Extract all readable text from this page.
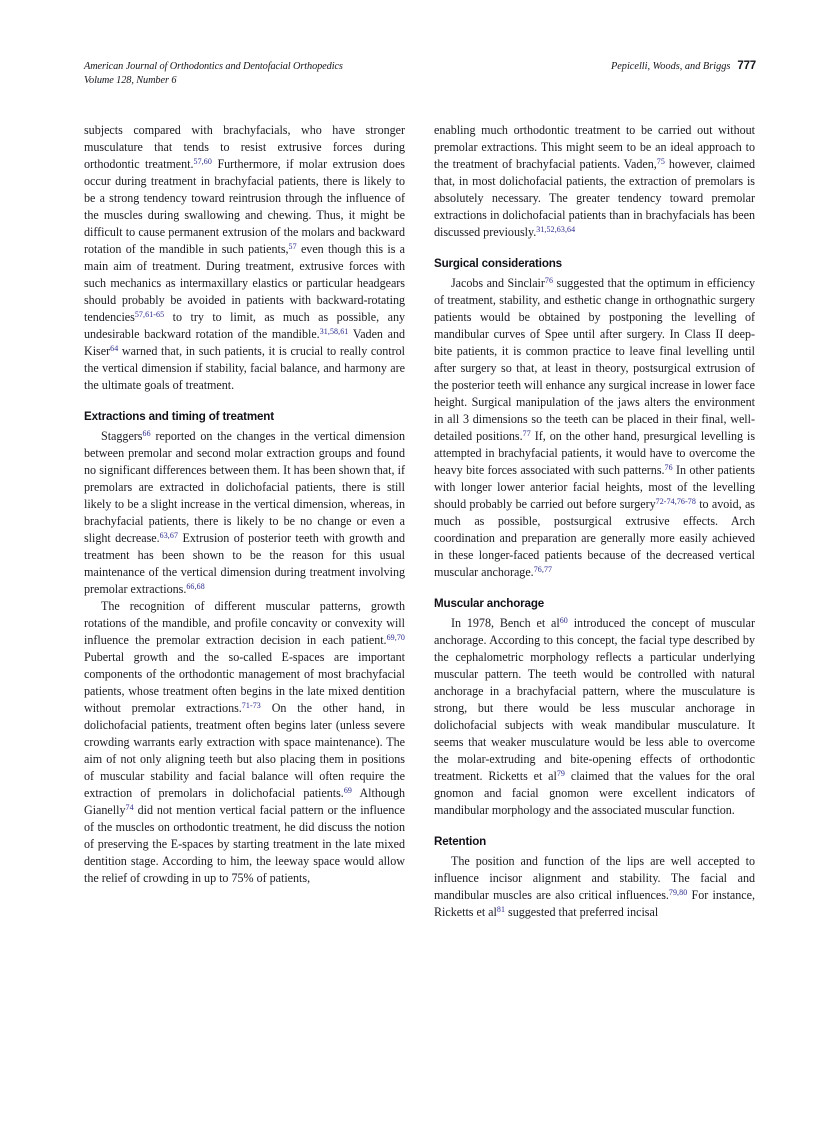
American Journal of Orthodontics and Dentofacial Orthopedics
Volume 128, Number 6
Pepicelli, Woods, and Briggs 777

subjects compared with brachyfacials, who have stronger musculature that tends to resist extrusive forces during orthodontic treatment.$^{57,60}$ Furthermore, if molar extrusion does occur during treatment in brachyfacial patients, there is likely to be a strong tendency toward reintrusion through the influence of the muscles during swallowing and chewing. Thus, it might be difficult to cause permanent extrusion of the molars and backward rotation of the mandible in such patients,$^{57}$ even though this is a main aim of treatment. During treatment, extrusive forces with such mechanics as intermaxillary elastics or particular headgears should probably be avoided in patients with backward-rotating tendencies$^{57,61-65}$ to try to limit, as much as possible, any undesirable backward rotation of the mandible.$^{31,58,61}$ Vaden and Kiser$^{64}$ warned that, in such patients, it is crucial to really control the vertical dimension if stability, facial balance, and harmony are the ultimate goals of treatment.

Extractions and timing of treatment

Staggers$^{66}$ reported on the changes in the vertical dimension between premolar and second molar extraction groups and found no significant differences between them. It has been shown that, if premolars are extracted in dolichofacial patients, there is still likely to be a slight increase in the vertical dimension, whereas, in brachyfacial patients, there is likely to be no change or even a slight decrease.$^{63,67}$ Extrusion of posterior teeth with growth and treatment has been shown to be the reason for this usual maintenance of the vertical dimension during treatment involving premolar extractions.$^{66,68}$

The recognition of different muscular patterns, growth rotations of the mandible, and profile concavity or convexity will influence the premolar extraction decision in each patient.$^{69,70}$ Pubertal growth and the so-called E-spaces are important components of the orthodontic management of most brachyfacial patients, whose treatment often begins in the late mixed dentition without premolar extractions.$^{71-73}$ On the other hand, in dolichofacial patients, treatment often begins later (unless severe crowding warrants early extraction with space maintenance). The aim of not only aligning teeth but also placing them in positions of muscular stability and facial balance will often require the extraction of premolars in dolichofacial patients.$^{69}$ Although Gianelly$^{74}$ did not mention vertical facial pattern or the influence of the muscles on orthodontic treatment, he did discuss the notion of preserving the E-spaces by starting treatment in the late mixed dentition stage. According to him, the leeway space would allow the relief of crowding in up to 75% of patients,

enabling much orthodontic treatment to be carried out without premolar extractions. This might seem to be an ideal approach to the treatment of brachyfacial patients. Vaden,$^{75}$ however, claimed that, in most dolichofacial patients, the extraction of premolars is absolutely necessary. The greater tendency toward premolar extractions in dolichofacial patients than in brachyfacials has been discussed previously.$^{31,52,63,64}$

Surgical considerations

Jacobs and Sinclair$^{76}$ suggested that the optimum in efficiency of treatment, stability, and esthetic change in orthognathic surgery patients would be obtained by postponing the levelling of mandibular curves of Spee until after surgery. In Class II deep-bite patients, it is common practice to leave final levelling until after surgery so that, at least in theory, postsurgical extrusion of the posterior teeth will enhance any surgical increase in lower face height. Surgical manipulation of the jaws alters the environment in all 3 dimensions so the teeth can be placed in their final, well-detailed positions.$^{77}$ If, on the other hand, presurgical levelling is attempted in brachyfacial patients, it would have to overcome the heavy bite forces associated with such patterns.$^{76}$ In other patients with longer lower anterior facial heights, most of the levelling should probably be carried out before surgery$^{72-74,76-78}$ to avoid, as much as possible, postsurgical extrusive effects. Arch coordination and preparation are generally more easily achieved in these longer-faced patients because of the decreased vertical muscular anchorage.$^{76,77}$

Muscular anchorage

In 1978, Bench et al$^{60}$ introduced the concept of muscular anchorage. According to this concept, the facial type described by the cephalometric morphology reflects a particular underlying muscular pattern. The teeth would be controlled with natural anchorage in a brachyfacial pattern, where the musculature is strong, but there would be less muscular anchorage in dolichofacial subjects with weak mandibular musculature. It seems that weaker musculature would be less able to overcome the molar-extruding and bite-opening effects of orthodontic treatment. Ricketts et al$^{79}$ claimed that the values for the oral gnomon and facial gnomon were excellent indicators of mandibular morphology and the associated muscular function.

Retention

The position and function of the lips are well accepted to influence incisor alignment and stability. The facial and mandibular muscles are also critical influences.$^{79,80}$ For instance, Ricketts et al$^{81}$ suggested that preferred incisal
